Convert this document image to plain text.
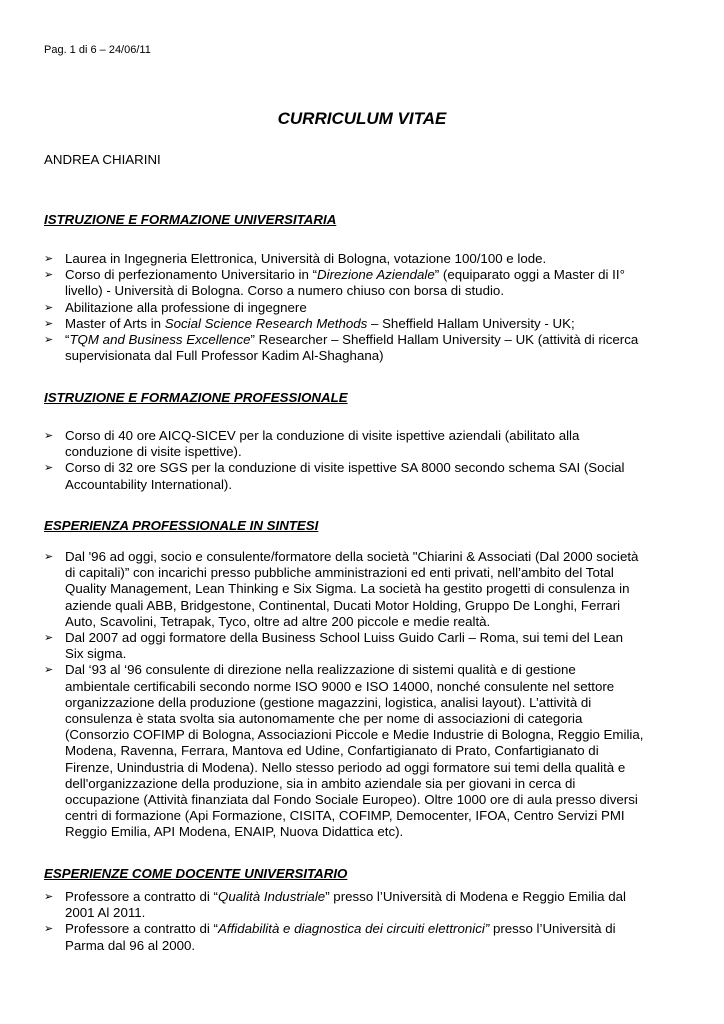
Pag. 1 di 6 – 24/06/11
CURRICULUM VITAE
ANDREA CHIARINI
ISTRUZIONE E FORMAZIONE UNIVERSITARIA
➢ Laurea in Ingegneria Elettronica, Università di Bologna, votazione 100/100 e lode.
➢ Corso di perfezionamento Universitario in “Direzione Aziendale” (equiparato oggi a Master di II° livello) - Università di Bologna. Corso a numero chiuso con borsa di studio.
➢ Abilitazione alla professione di ingegnere
➢ Master of Arts in Social Science Research Methods – Sheffield Hallam University - UK;
➢ “TQM and Business Excellence” Researcher – Sheffield Hallam University – UK (attività di ricerca supervisionata dal Full Professor Kadim Al-Shaghana)
ISTRUZIONE E FORMAZIONE PROFESSIONALE
➢ Corso di 40 ore AICQ-SICEV per la conduzione di visite ispettive aziendali (abilitato alla conduzione di visite ispettive).
➢ Corso di 32 ore SGS per la conduzione di visite ispettive SA 8000 secondo schema SAI (Social Accountability International).
ESPERIENZA PROFESSIONALE IN SINTESI
➢ Dal '96 ad oggi, socio e consulente/formatore della società "Chiarini & Associati (Dal 2000 società di capitali)” con incarichi presso pubbliche amministrazioni ed enti privati, nell’ambito del Total Quality Management, Lean Thinking e Six Sigma. La società ha gestito progetti di consulenza in aziende quali ABB, Bridgestone, Continental, Ducati Motor Holding, Gruppo De Longhi, Ferrari Auto, Scavolini, Tetrapak, Tyco, oltre ad altre 200 piccole e medie realtà.
➢ Dal 2007 ad oggi formatore della Business School Luiss Guido Carli – Roma, sui temi del Lean Six sigma.
➢ Dal ‘93 al ‘96 consulente di direzione nella realizzazione di sistemi qualità e di gestione ambientale certificabili secondo norme ISO 9000 e ISO 14000, nonché consulente nel settore organizzazione della produzione (gestione magazzini, logistica, analisi layout). L’attività di consulenza è stata svolta sia autonomamente che per nome di associazioni di categoria (Consorzio COFIMP di Bologna, Associazioni Piccole e Medie Industrie di Bologna, Reggio Emilia, Modena, Ravenna, Ferrara, Mantova ed Udine, Confartigianato di Prato, Confartigianato di Firenze, Unindustria di Modena). Nello stesso periodo ad oggi formatore sui temi della qualità e dell'organizzazione della produzione, sia in ambito aziendale sia per giovani in cerca di occupazione (Attività finanziata dal Fondo Sociale Europeo). Oltre 1000 ore di aula presso diversi centri di formazione (Api Formazione, CISITA, COFIMP, Democenter, IFOA, Centro Servizi PMI Reggio Emilia, API Modena, ENAIP, Nuova Didattica etc).
ESPERIENZE COME DOCENTE UNIVERSITARIO
➢ Professore a contratto di “Qualità Industriale” presso l’Università di Modena e Reggio Emilia dal 2001 Al 2011.
➢ Professore a contratto di “Affidabilità e diagnostica dei circuiti elettronici” presso l’Università di Parma dal 96 al 2000.
